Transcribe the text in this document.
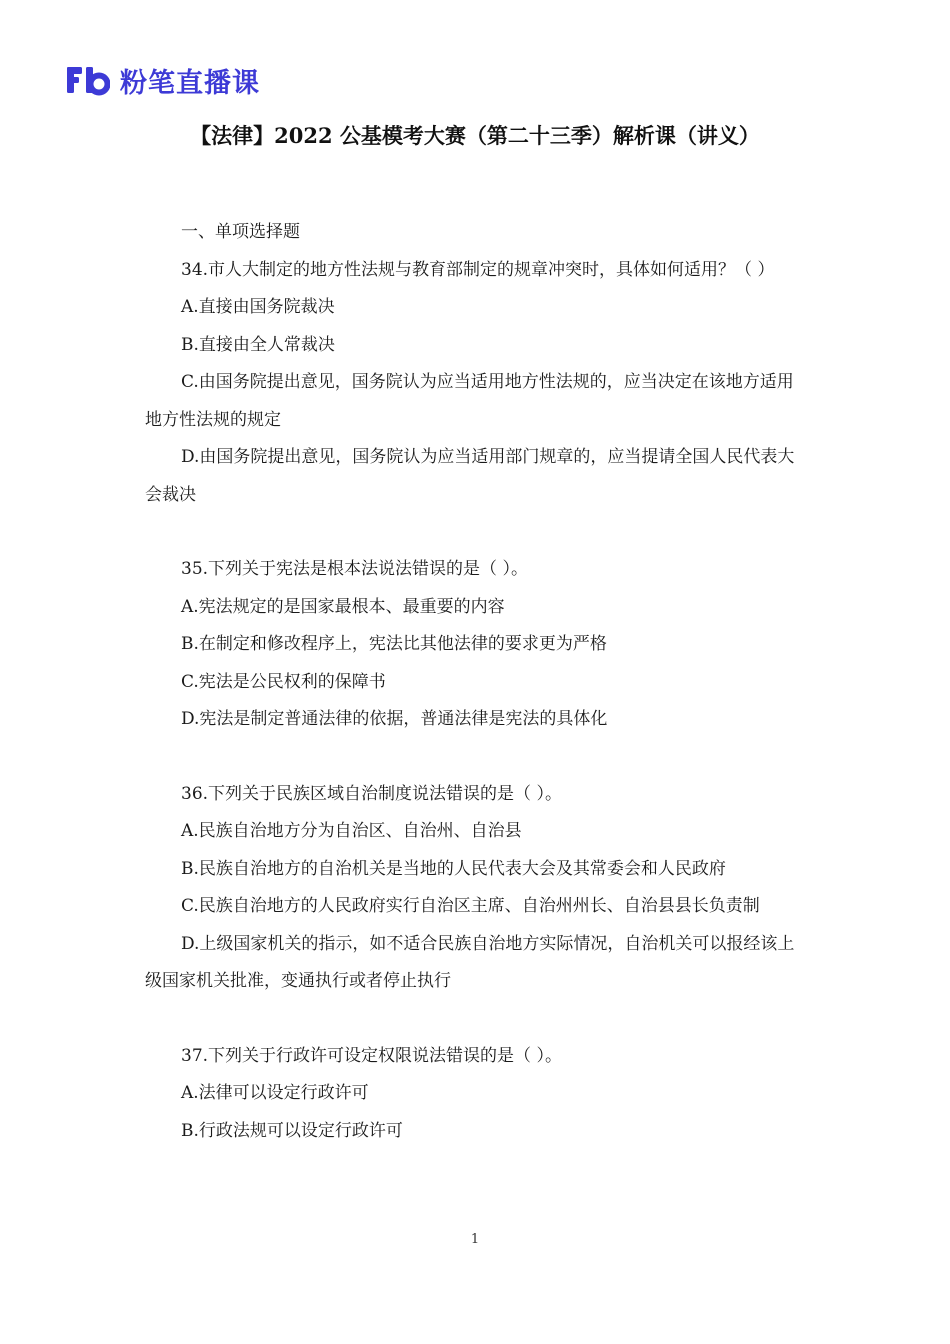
粉笔直播课
【法律】2022 公基模考大赛（第二十三季）解析课（讲义）

一、单项选择题

34.市人大制定的地方性法规与教育部制定的规章冲突时，具体如何适用？（ ）

A.直接由国务院裁决

B.直接由全人常裁决

C.由国务院提出意见，国务院认为应当适用地方性法规的，应当决定在该地方适用地方性法规的规定

D.由国务院提出意见，国务院认为应当适用部门规章的，应当提请全国人民代表大会裁决

35.下列关于宪法是根本法说法错误的是（ ）。

A.宪法规定的是国家最根本、最重要的内容

B.在制定和修改程序上，宪法比其他法律的要求更为严格

C.宪法是公民权利的保障书

D.宪法是制定普通法律的依据，普通法律是宪法的具体化

36.下列关于民族区域自治制度说法错误的是（ ）。

A.民族自治地方分为自治区、自治州、自治县

B.民族自治地方的自治机关是当地的人民代表大会及其常委会和人民政府

C.民族自治地方的人民政府实行自治区主席、自治州州长、自治县县长负责制

D.上级国家机关的指示，如不适合民族自治地方实际情况，自治机关可以报经该上级国家机关批准，变通执行或者停止执行

37.下列关于行政许可设定权限说法错误的是（ ）。

A.法律可以设定行政许可

B.行政法规可以设定行政许可

1
